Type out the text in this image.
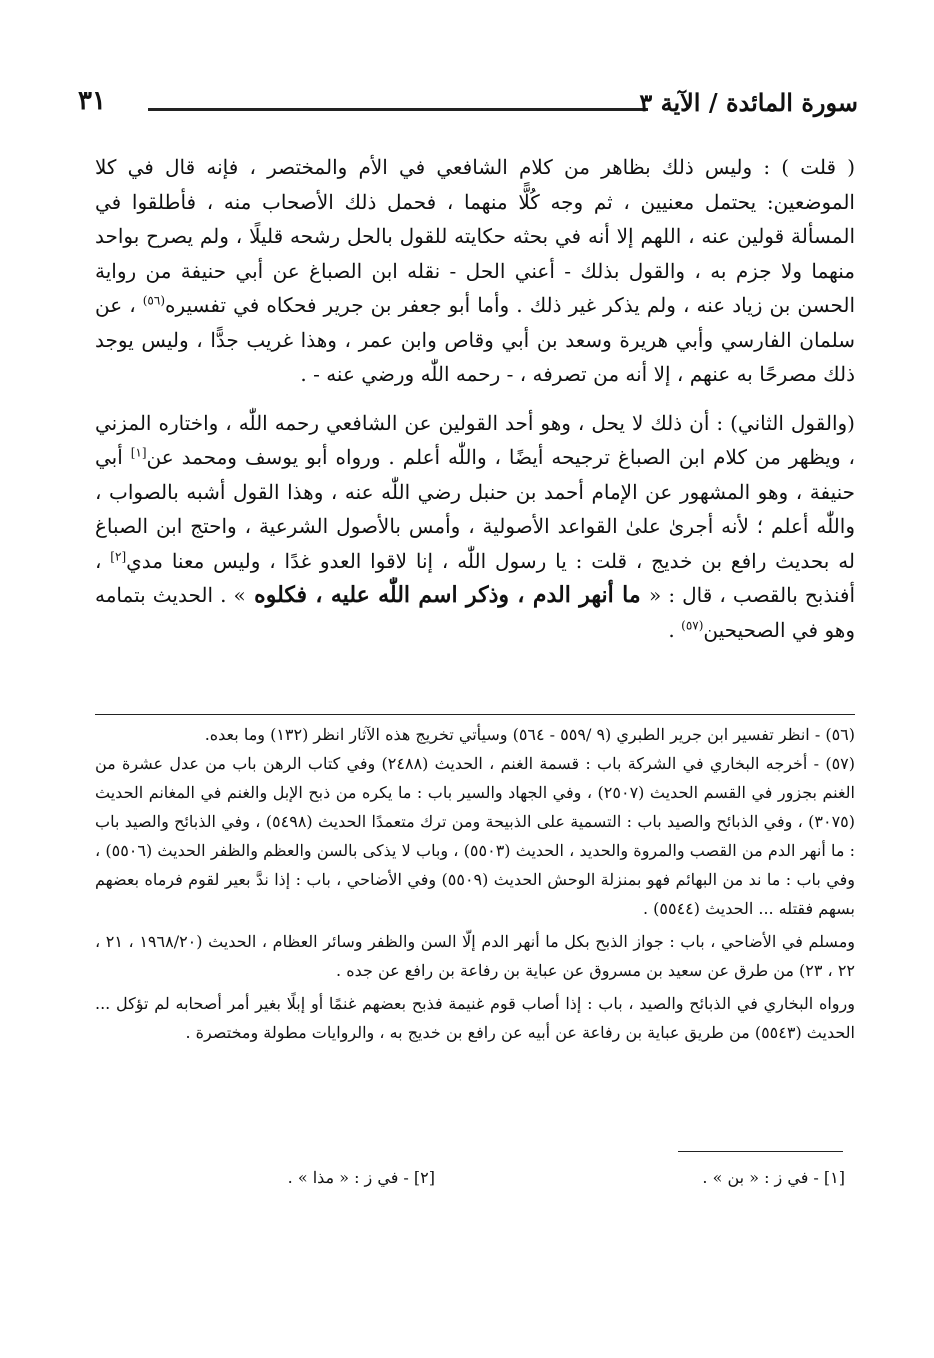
٣١	سورة المائدة / الآية ٣

( قلت ) : وليس ذلك بظاهر من كلام الشافعي في الأم والمختصر ، فإنه قال في كلا الموضعين: يحتمل معنيين ، ثم وجه كُلًّا منهما ، فحمل ذلك الأصحاب منه ، فأطلقوا في المسألة قولين عنه ، اللهم إلا أنه في بحثه حكايته للقول بالحل رشحه قليلًا ، ولم يصرح بواحد منهما ولا جزم به ، والقول بذلك - أعني الحل - نقله ابن الصباغ عن أبي حنيفة من رواية الحسن بن زياد عنه ، ولم يذكر غير ذلك . وأما أبو جعفر بن جرير فحكاه في تفسيره$^{(٥٦)}$ ، عن سلمان الفارسي وأبي هريرة وسعد بن أبي وقاص وابن عمر ، وهذا غريب جدًّا ، وليس يوجد ذلك مصرحًا به عنهم ، إلا أنه من تصرفه ، - رحمه اللّٰه ورضي عنه - .

(والقول الثاني) : أن ذلك لا يحل ، وهو أحد القولين عن الشافعي رحمه اللّٰه ، واختاره المزني ، ويظهر من كلام ابن الصباغ ترجيحه أيضًا ، واللّٰه أعلم . ورواه أبو يوسف ومحمد عن[١] أبي حنيفة ، وهو المشهور عن الإمام أحمد بن حنبل رضي اللّٰه عنه ، وهذا القول أشبه بالصواب ، واللّٰه أعلم ؛ لأنه أجرىٰ علىٰ القواعد الأصولية ، وأمس بالأصول الشرعية ، واحتج ابن الصباغ له بحديث رافع بن خديج ، قلت : يا رسول اللّٰه ، إنا لاقوا العدو غدًا ، وليس معنا مدي[٢] ، أفنذبح بالقصب ، قال : « ما أنهر الدم ، وذكر اسم اللّٰه عليه ، فكلوه » . الحديث بتمامه وهو في الصحيحين$^{(٥٧)}$ .

(٥٦) - انظر تفسير ابن جرير الطبري (٩ /٥٥٩ - ٥٦٤) وسيأتي تخريج هذه الآثار انظر (١٣٢) وما بعده.

(٥٧) - أخرجه البخاري في الشركة باب : قسمة الغنم ، الحديث (٢٤٨٨) وفي كتاب الرهن باب من عدل عشرة من الغنم بجزور في القسم الحديث (٢٥٠٧) ، وفي الجهاد والسير باب : ما يكره من ذبح الإبل والغنم في المغانم الحديث (٣٠٧٥) ، وفي الذبائح والصيد باب : التسمية على الذبيحة ومن ترك متعمدًا الحديث (٥٤٩٨) ، وفي الذبائح والصيد باب : ما أنهر الدم من القصب والمروة والحديد ، الحديث (٥٥٠٣) ، وباب لا يذكى بالسن والعظم والظفر الحديث (٥٥٠٦) ، وفي باب : ما ند من البهائم فهو بمنزلة الوحش الحديث (٥٥٠٩) وفي الأضاحي ، باب : إذا ندَّ بعير لقوم فرماه بعضهم بسهم فقتله ... الحديث (٥٥٤٤) .

ومسلم في الأضاحي ، باب : جواز الذبح بكل ما أنهر الدم إلّا السن والظفر وسائر العظام ، الحديث (١٩٦٨/٢٠ ، ٢١ ، ٢٢ ، ٢٣) من طرق عن سعيد بن مسروق عن عباية بن رفاعة بن رافع عن جده .

ورواه البخاري في الذبائح والصيد ، باب : إذا أصاب قوم غنيمة فذبح بعضهم غنمًا أو إبلًا بغير أمر أصحابه لم تؤكل ... الحديث (٥٥٤٣) من طريق عباية بن رفاعة عن أبيه عن رافع بن خديج به ، والروايات مطولة ومختصرة .

[١] - في ز : « بن » .
[٢] - في ز : « مذا » .
